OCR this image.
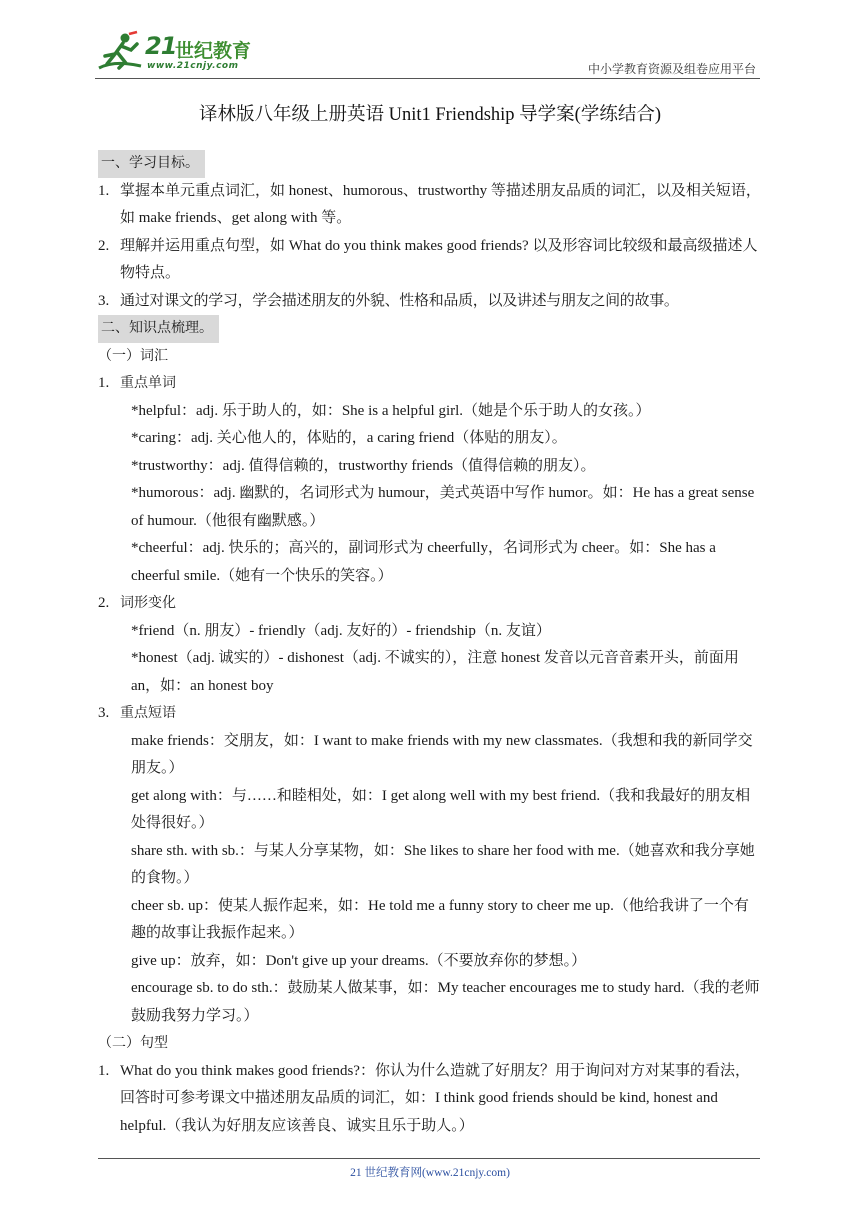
21
世纪教育
www.21cnjy.com	中小学教育资源及组卷应用平台
译林版八年级上册英语 Unit1 Friendship 导学案(学练结合)
一、学习目标。
1. 掌握本单元重点词汇，如 honest、humorous、trustworthy 等描述朋友品质的词汇，以及相关短语，如 make friends、get along with 等。
2. 理解并运用重点句型，如 What do you think makes good friends? 以及形容词比较级和最高级描述人物特点。
3. 通过对课文的学习，学会描述朋友的外貌、性格和品质，以及讲述与朋友之间的故事。
二、知识点梳理。
（一）词汇
1. 重点单词
*helpful：adj. 乐于助人的，如：She is a helpful girl.（她是个乐于助人的女孩。）
*caring：adj. 关心他人的，体贴的，a caring friend（体贴的朋友）。
*trustworthy：adj. 值得信赖的，trustworthy friends（值得信赖的朋友）。
*humorous：adj. 幽默的，名词形式为 humour，美式英语中写作 humor。如：He has a great sense of humour.（他很有幽默感。）
*cheerful：adj. 快乐的；高兴的，副词形式为 cheerfully，名词形式为 cheer。如：She has a cheerful smile.（她有一个快乐的笑容。）
2. 词形变化
*friend（n. 朋友）- friendly（adj. 友好的）- friendship（n. 友谊）
*honest（adj. 诚实的）- dishonest（adj. 不诚实的），注意 honest 发音以元音音素开头，前面用 an，如：an honest boy
3. 重点短语
make friends：交朋友，如：I want to make friends with my new classmates.（我想和我的新同学交朋友。）
get along with：与……和睦相处，如：I get along well with my best friend.（我和我最好的朋友相处得很好。）
share sth. with sb.：与某人分享某物，如：She likes to share her food with me.（她喜欢和我分享她的食物。）
cheer sb. up：使某人振作起来，如：He told me a funny story to cheer me up.（他给我讲了一个有趣的故事让我振作起来。）
give up：放弃，如：Don't give up your dreams.（不要放弃你的梦想。）
encourage sb. to do sth.：鼓励某人做某事，如：My teacher encourages me to study hard.（我的老师鼓励我努力学习。）
（二）句型
1. What do you think makes good friends?：你认为什么造就了好朋友？用于询问对方对某事的看法，回答时可参考课文中描述朋友品质的词汇，如：I think good friends should be kind, honest and helpful.（我认为好朋友应该善良、诚实且乐于助人。）
21 世纪教育网(www.21cnjy.com)
